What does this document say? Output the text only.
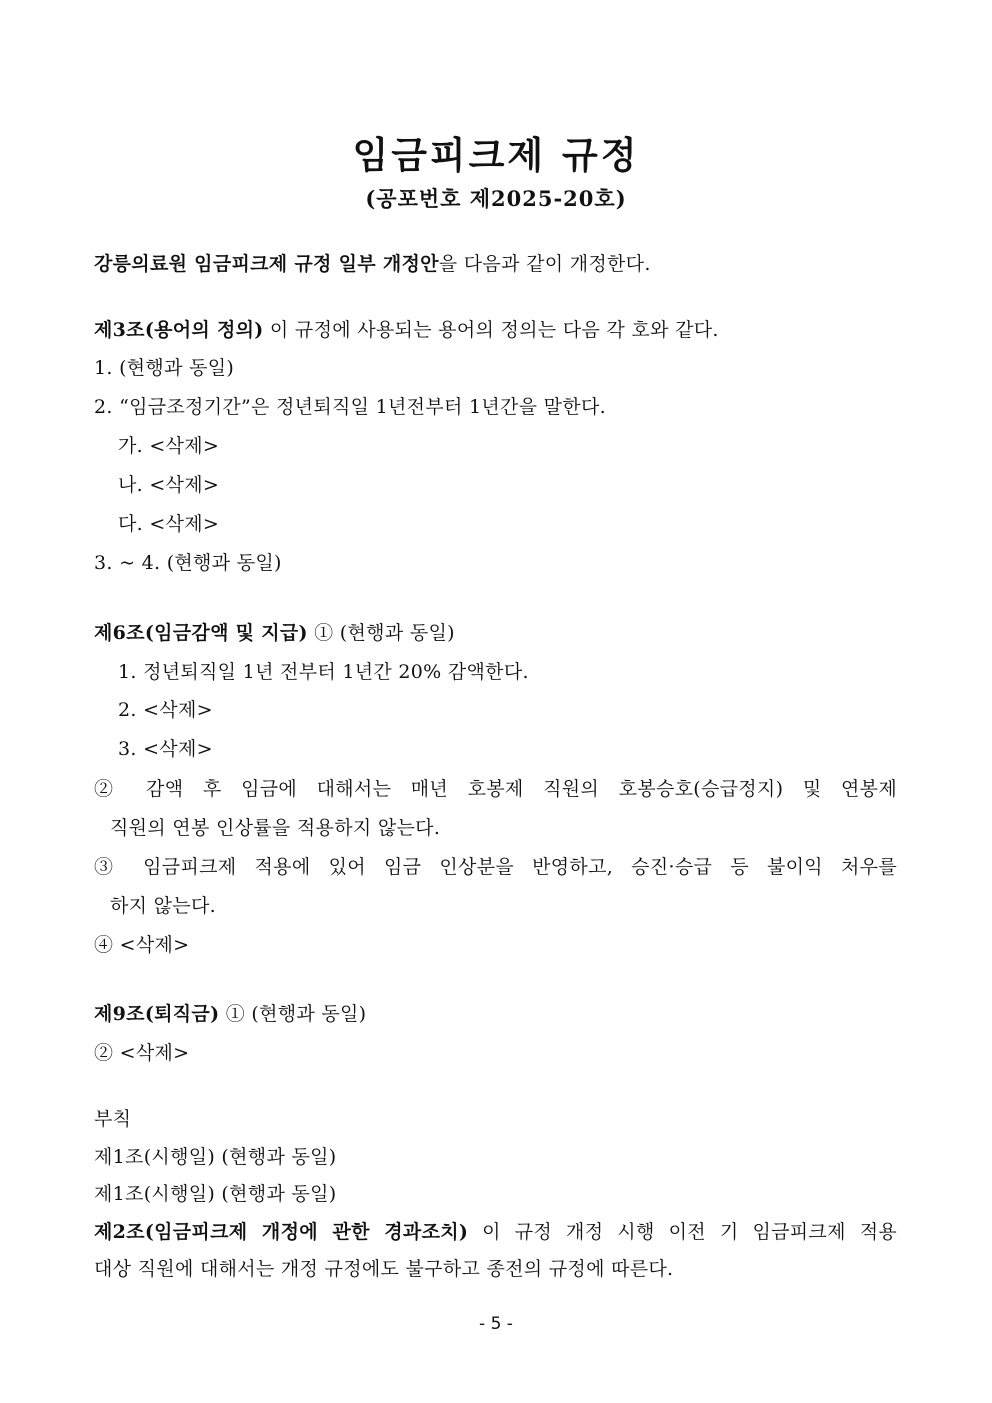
임금피크제 규정
(공포번호 제2025-20호)
강릉의료원 임금피크제 규정 일부 개정안을 다음과 같이 개정한다.
제3조(용어의 정의) 이 규정에 사용되는 용어의 정의는 다음 각 호와 같다.
1. (현행과 동일)
2. “임금조정기간”은 정년퇴직일 1년전부터 1년간을 말한다.
가. <삭제>
나. <삭제>
다. <삭제>
3. ~ 4. (현행과 동일)
제6조(임금감액 및 지급) ① (현행과 동일)
1. 정년퇴직일 1년 전부터 1년간 20% 감액한다.
2. <삭제>
3. <삭제>
② 감액 후 임금에 대해서는 매년 호봉제 직원의 호봉승호(승급정지) 및 연봉제
직원의 연봉 인상률을 적용하지 않는다.
③ 임금피크제 적용에 있어 임금 인상분을 반영하고, 승진·승급 등 불이익 처우를
하지 않는다.
④ <삭제>
제9조(퇴직금) ① (현행과 동일)
② <삭제>
부칙
제1조(시행일) (현행과 동일)
제1조(시행일) (현행과 동일)
제2조(임금피크제 개정에 관한 경과조치) 이 규정 개정 시행 이전 기 임금피크제 적용
대상 직원에 대해서는 개정 규정에도 불구하고 종전의 규정에 따른다.
- 5 -
